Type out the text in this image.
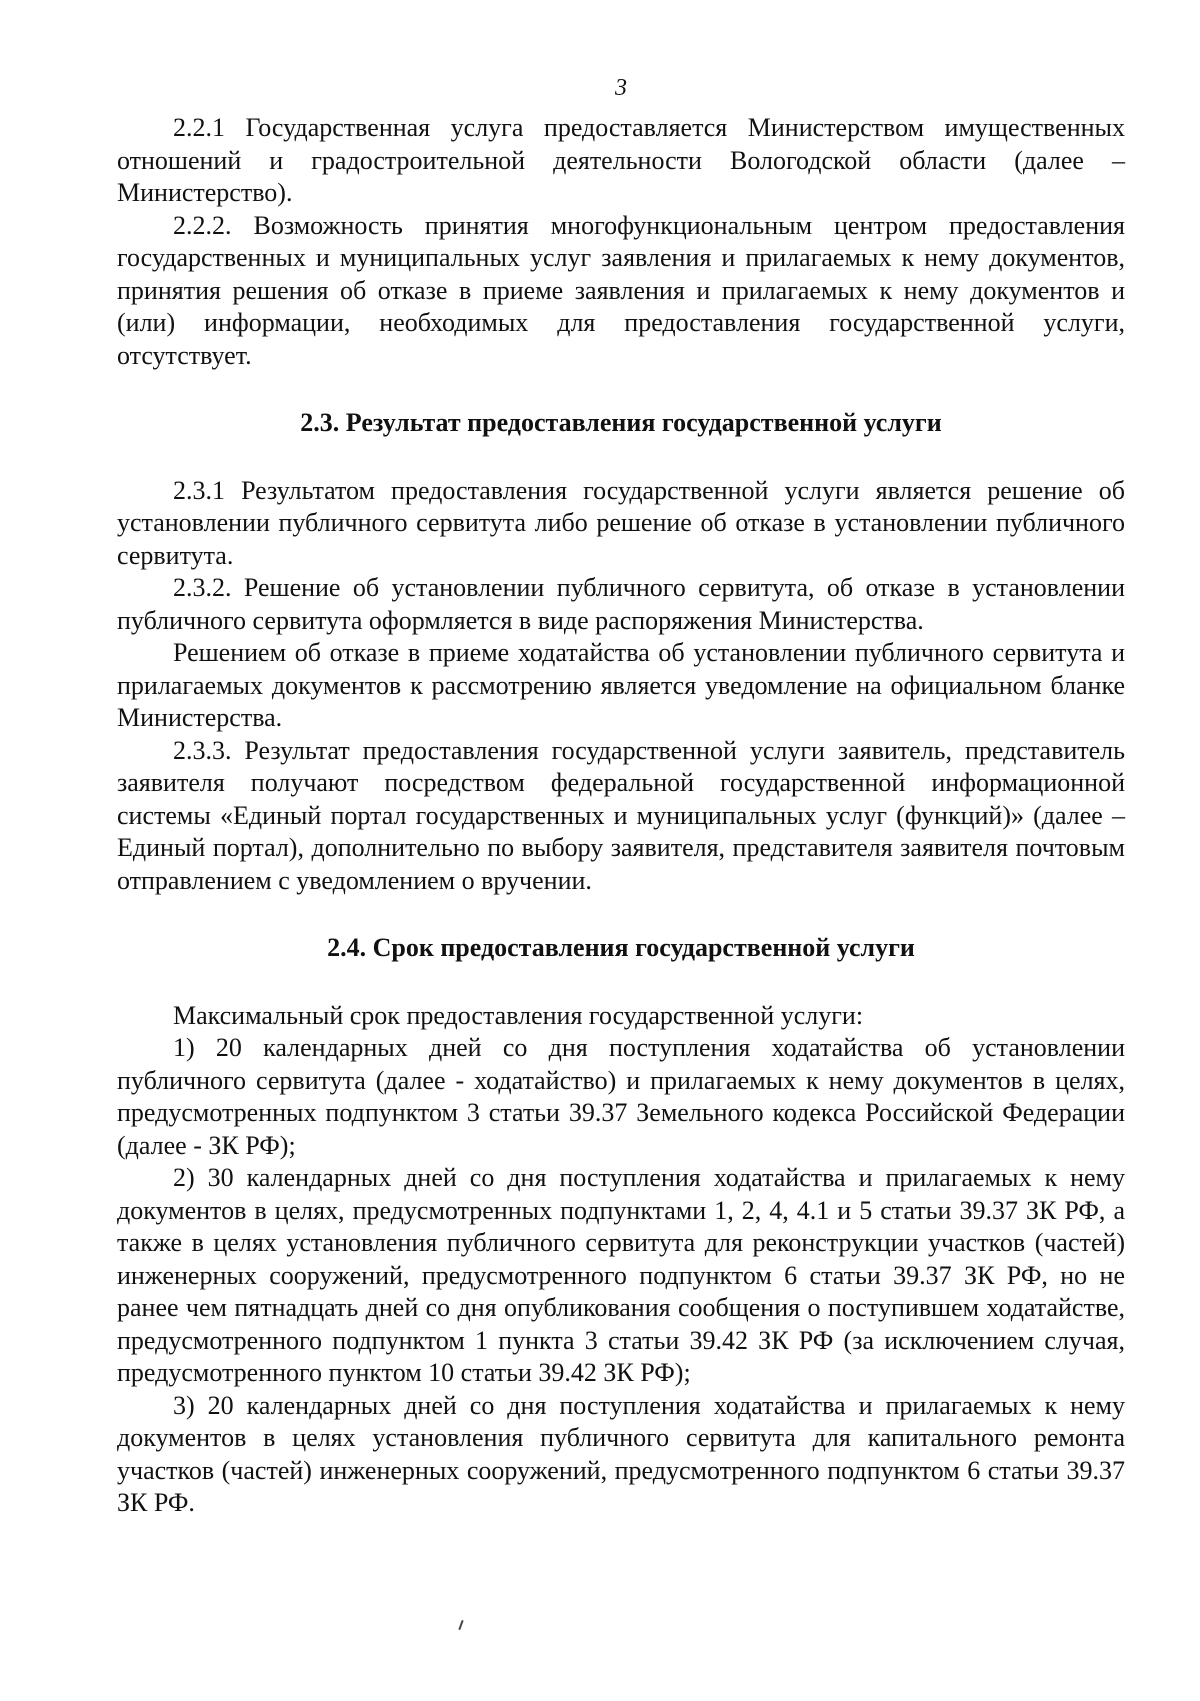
3

2.2.1 Государственная услуга предоставляется Министерством имущественных отношений и градостроительной деятельности Вологодской области (далее – Министерство).

2.2.2. Возможность принятия многофункциональным центром предоставления государственных и муниципальных услуг заявления и прилагаемых к нему документов, принятия решения об отказе в приеме заявления и прилагаемых к нему документов и (или) информации, необходимых для предоставления государственной услуги, отсутствует.

2.3. Результат предоставления государственной услуги

2.3.1 Результатом предоставления государственной услуги является решение об установлении публичного сервитута либо решение об отказе в установлении публичного сервитута.

2.3.2. Решение об установлении публичного сервитута, об отказе в установлении публичного сервитута оформляется в виде распоряжения Министерства.

Решением об отказе в приеме ходатайства об установлении публичного сервитута и прилагаемых документов к рассмотрению является уведомление на официальном бланке Министерства.

2.3.3. Результат предоставления государственной услуги заявитель, представитель заявителя получают посредством федеральной государственной информационной системы «Единый портал государственных и муниципальных услуг (функций)» (далее – Единый портал), дополнительно по выбору заявителя, представителя заявителя почтовым отправлением с уведомлением о вручении.

2.4. Срок предоставления государственной услуги

Максимальный срок предоставления государственной услуги:

1) 20 календарных дней со дня поступления ходатайства об установлении публичного сервитута (далее - ходатайство) и прилагаемых к нему документов в целях, предусмотренных подпунктом 3 статьи 39.37 Земельного кодекса Российской Федерации (далее - ЗК РФ);

2) 30 календарных дней со дня поступления ходатайства и прилагаемых к нему документов в целях, предусмотренных подпунктами 1, 2, 4, 4.1 и 5 статьи 39.37 ЗК РФ, а также в целях установления публичного сервитута для реконструкции участков (частей) инженерных сооружений, предусмотренного подпунктом 6 статьи 39.37 ЗК РФ, но не ранее чем пятнадцать дней со дня опубликования сообщения о поступившем ходатайстве, предусмотренного подпунктом 1 пункта 3 статьи 39.42 ЗК РФ (за исключением случая, предусмотренного пунктом 10 статьи 39.42 ЗК РФ);

3) 20 календарных дней со дня поступления ходатайства и прилагаемых к нему документов в целях установления публичного сервитута для капитального ремонта участков (частей) инженерных сооружений, предусмотренного подпунктом 6 статьи 39.37 ЗК РФ.
